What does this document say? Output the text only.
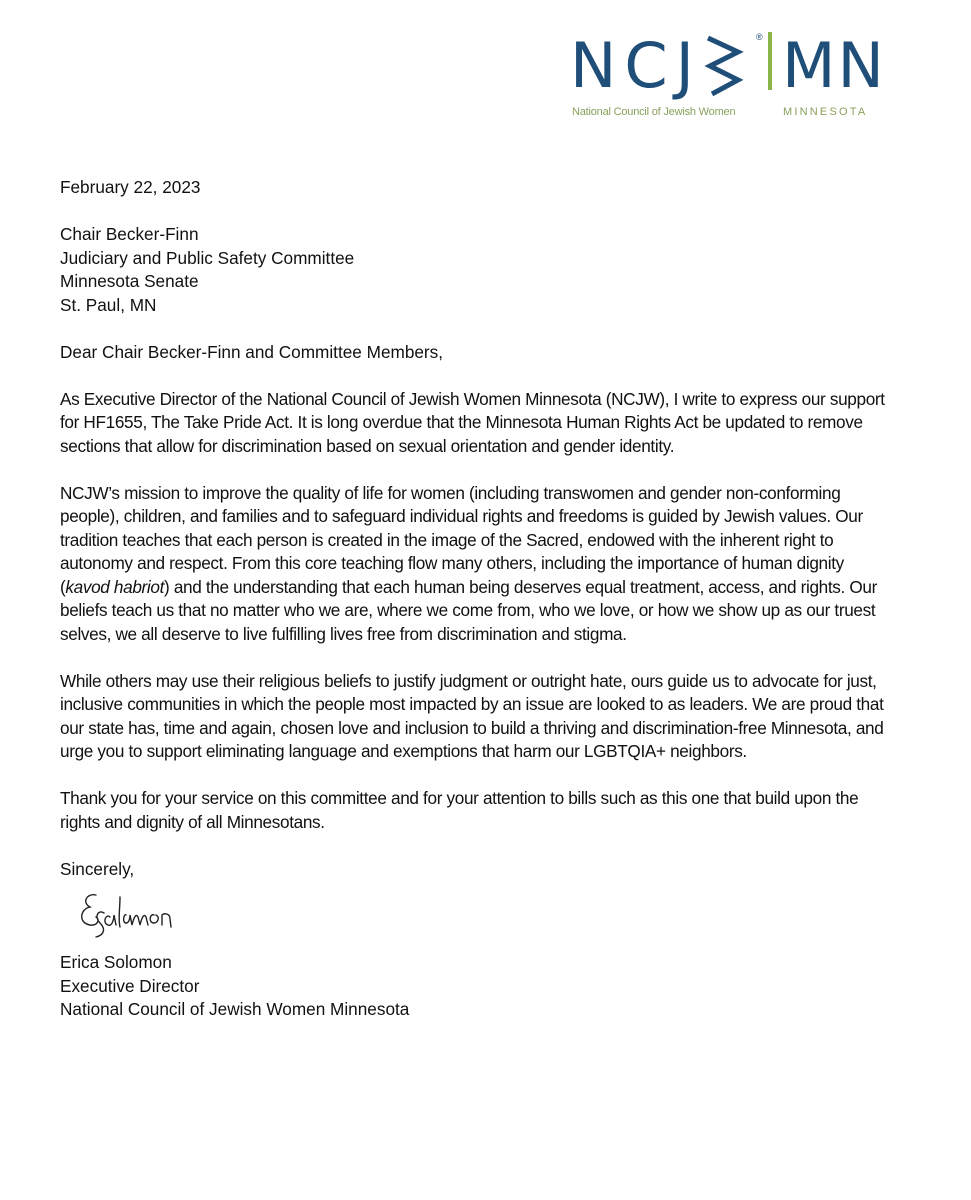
NCJ	® MN
National Council of Jewish Women	MINNESOTA

February 22, 2023

Chair Becker-Finn

Judiciary and Public Safety Committee

Minnesota Senate

St. Paul, MN

Dear Chair Becker-Finn and Committee Members,

As Executive Director of the National Council of Jewish Women Minnesota (NCJW), I write to express our support for HF1655, The Take Pride Act. It is long overdue that the Minnesota Human Rights Act be updated to remove sections that allow for discrimination based on sexual orientation and gender identity.

NCJW’s mission to improve the quality of life for women (including transwomen and gender non-conforming people), children, and families and to safeguard individual rights and freedoms is guided by Jewish values. Our tradition teaches that each person is created in the image of the Sacred, endowed with the inherent right to autonomy and respect. From this core teaching flow many others, including the importance of human dignity (kavod habriot) and the understanding that each human being deserves equal treatment, access, and rights. Our beliefs teach us that no matter who we are, where we come from, who we love, or how we show up as our truest selves, we all deserve to live fulfilling lives free from discrimination and stigma.

While others may use their religious beliefs to justify judgment or outright hate, ours guide us to advocate for just, inclusive communities in which the people most impacted by an issue are looked to as leaders. We are proud that our state has, time and again, chosen love and inclusion to build a thriving and discrimination-free Minnesota, and urge you to support eliminating language and exemptions that harm our LGBTQIA+ neighbors.

Thank you for your service on this committee and for your attention to bills such as this one that build upon the rights and dignity of all Minnesotans.

Sincerely,

Erica Solomon

Executive Director

National Council of Jewish Women Minnesota
